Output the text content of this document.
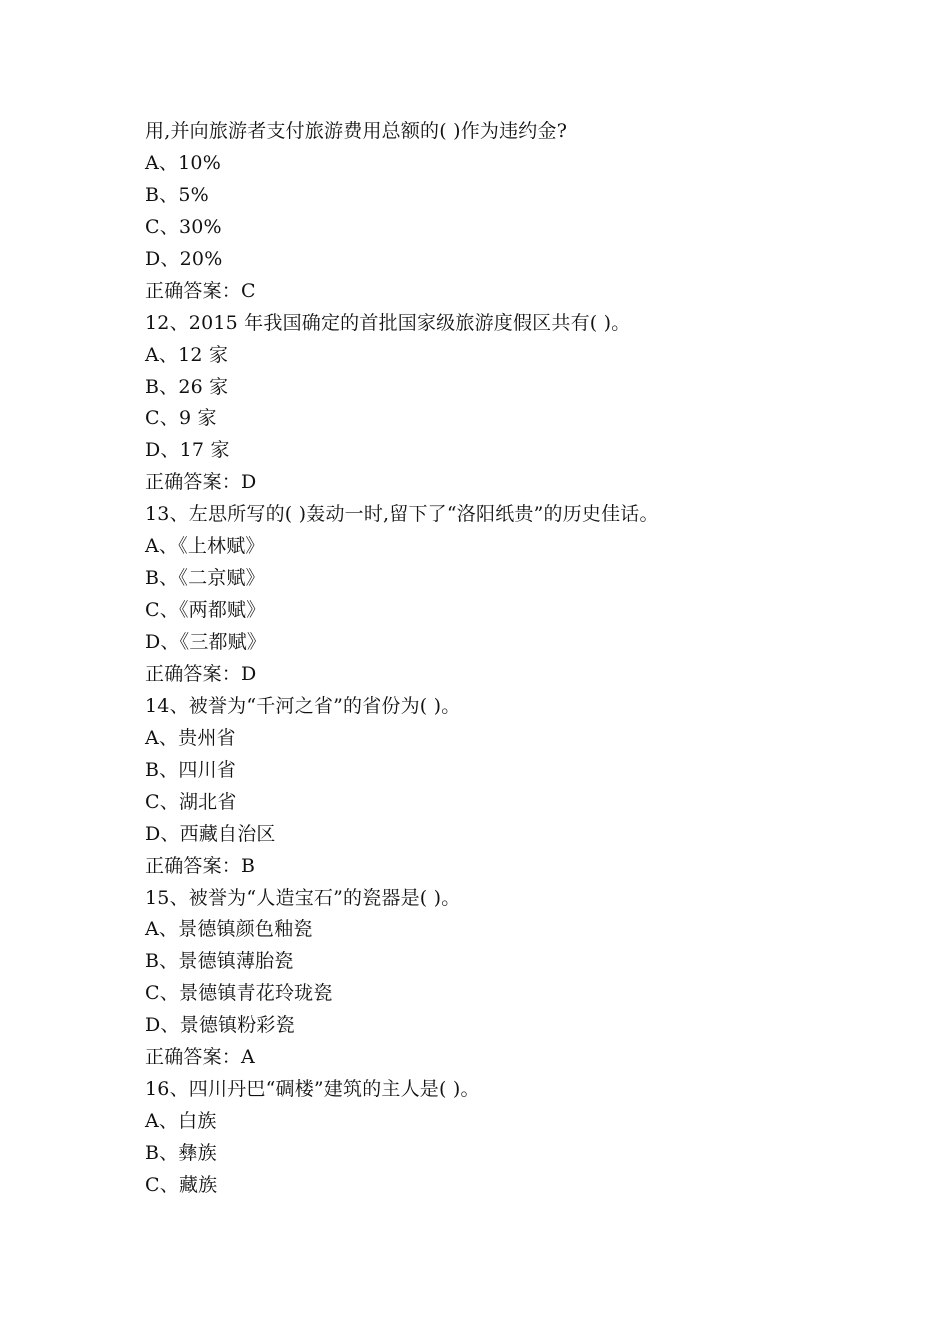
用,并向旅游者支付旅游费用总额的( )作为违约金?
A、10%
B、5%
C、30%
D、20%
正确答案：C
12、2015 年我国确定的首批国家级旅游度假区共有( )。
A、12 家
B、26 家
C、9 家
D、17 家
正确答案：D
13、左思所写的( )轰动一时,留下了“洛阳纸贵”的历史佳话。
A、《上林赋》
B、《二京赋》
C、《两都赋》
D、《三都赋》
正确答案：D
14、被誉为“千河之省”的省份为( )。
A、贵州省
B、四川省
C、湖北省
D、西藏自治区
正确答案：B
15、被誉为“人造宝石”的瓷器是( )。
A、景德镇颜色釉瓷
B、景德镇薄胎瓷
C、景德镇青花玲珑瓷
D、景德镇粉彩瓷
正确答案：A
16、四川丹巴“碉楼”建筑的主人是( )。
A、白族
B、彝族
C、藏族
